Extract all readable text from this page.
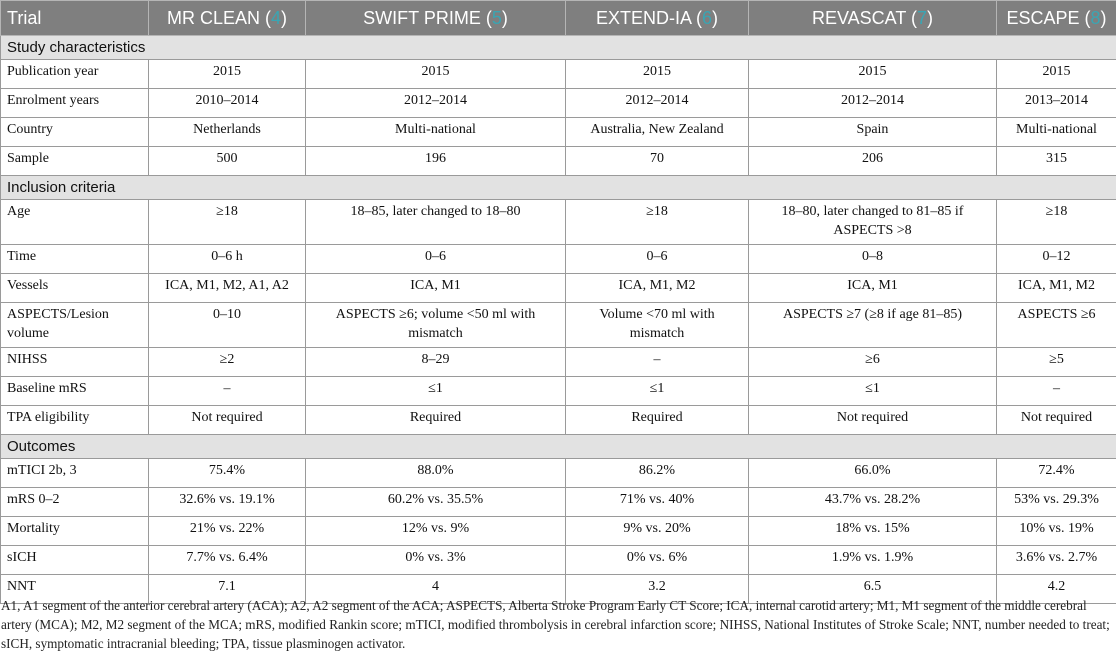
Trial	MR CLEAN (4)	SWIFT PRIME (5)	EXTEND-IA (6)	REVASCAT (7)	ESCAPE (8)
Study characteristics					
Publication year	2015	2015	2015	2015	2015
Enrolment years	2010–2014	2012–2014	2012–2014	2012–2014	2013–2014
Country	Netherlands	Multi-national	Australia, New Zealand	Spain	Multi-national
Sample	500	196	70	206	315
Inclusion criteria					
Age	≥18	18–85, later changed to 18–80	≥18	18–80, later changed to 81–85 if ASPECTS >8	≥18
Time	0–6 h	0–6	0–6	0–8	0–12
Vessels	ICA, M1, M2, A1, A2	ICA, M1	ICA, M1, M2	ICA, M1	ICA, M1, M2
ASPECTS/Lesion volume	0–10	ASPECTS ≥6; volume <50 ml with mismatch	Volume <70 ml with mismatch	ASPECTS ≥7 (≥8 if age 81–85)	ASPECTS ≥6
NIHSS	≥2	8–29	–	≥6	≥5
Baseline mRS	–	≤1	≤1	≤1	–
TPA eligibility	Not required	Required	Required	Not required	Not required
Outcomes					
mTICI 2b, 3	75.4%	88.0%	86.2%	66.0%	72.4%
mRS 0–2	32.6% vs. 19.1%	60.2% vs. 35.5%	71% vs. 40%	43.7% vs. 28.2%	53% vs. 29.3%
Mortality	21% vs. 22%	12% vs. 9%	9% vs. 20%	18% vs. 15%	10% vs. 19%
sICH	7.7% vs. 6.4%	0% vs. 3%	0% vs. 6%	1.9% vs. 1.9%	3.6% vs. 2.7%
NNT	7.1	4	3.2	6.5	4.2
A1, A1 segment of the anterior cerebral artery (ACA); A2, A2 segment of the ACA; ASPECTS, Alberta Stroke Program Early CT Score; ICA, internal carotid artery; M1, M1 segment of the middle cerebral artery (MCA); M2, M2 segment of the MCA; mRS, modified Rankin score; mTICI, modified thrombolysis in cerebral infarction score; NIHSS, National Institutes of Stroke Scale; NNT, number needed to treat; sICH, symptomatic intracranial bleeding; TPA, tissue plasminogen activator.
